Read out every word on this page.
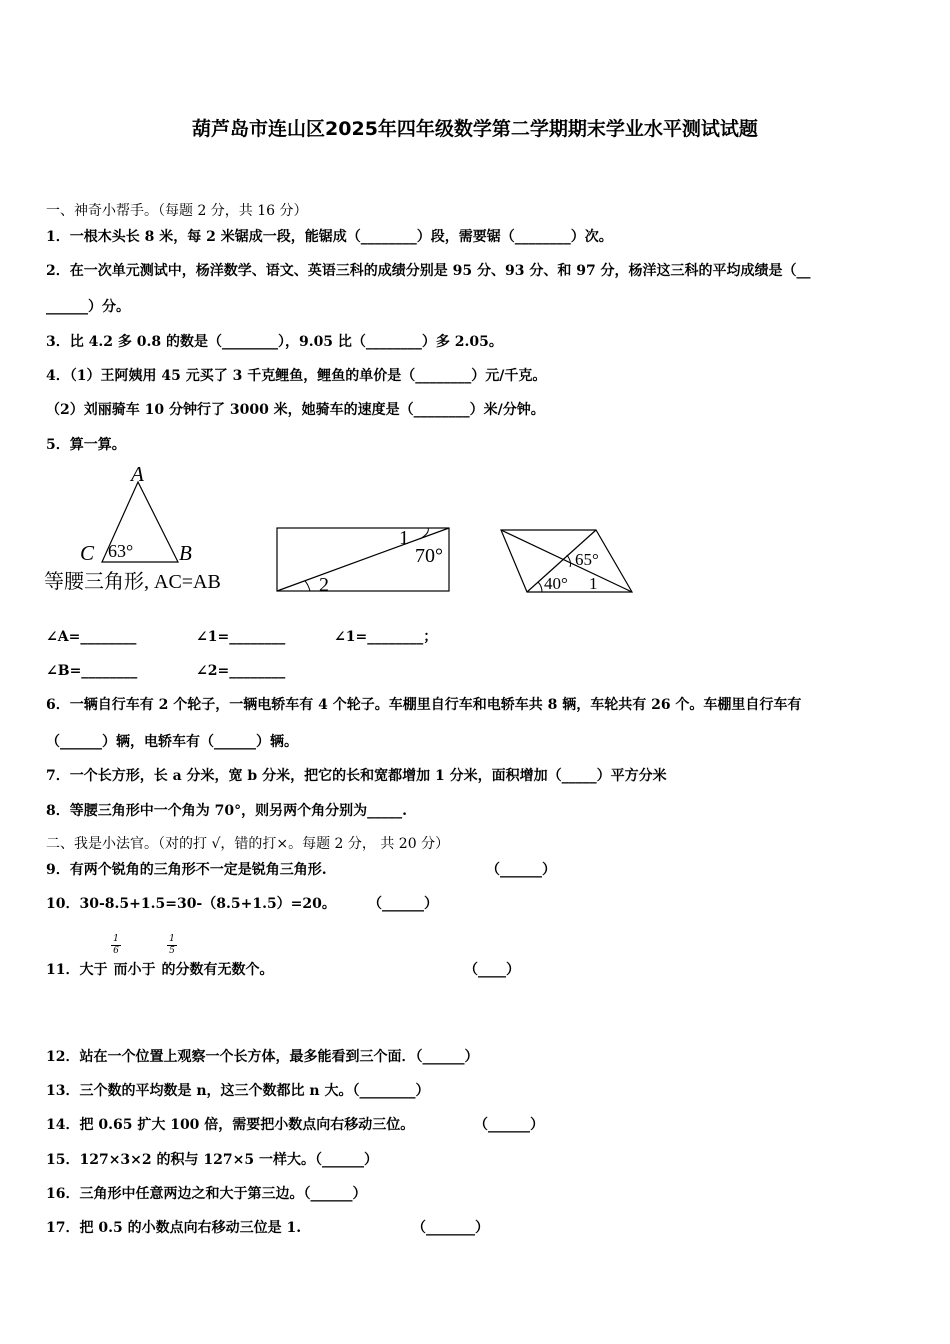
葫芦岛市连山区2025年四年级数学第二学期期末学业水平测试试题
一、神奇小帮手。（每题 2 分，共 16 分）
1．一根木头长 8 米，每 2 米锯成一段，能锯成（________）段，需要锯（________）次。
2．在一次单元测试中，杨洋数学、语文、英语三科的成绩分别是 95 分、93 分、和 97 分，杨洋这三科的平均成绩是（__
______）分。
3．比 4.2 多 0.8 的数是（________），9.05 比（________）多 2.05。
4．（1）王阿姨用 45 元买了 3 千克鲤鱼，鲤鱼的单价是（________）元/千克。
（2）刘丽骑车 10 分钟行了 3000 米，她骑车的速度是（________）米/分钟。
5．算一算。
A
C	B
63°
等腰三角形, AC=AB
1
70°
2
65°
40° 1
∠A=________	∠1=________	∠1=________；
∠B=________	∠2=________
6．一辆自行车有 2 个轮子，一辆电轿车有 4 个轮子。车棚里自行车和电轿车共 8 辆，车轮共有 26 个。车棚里自行车有
（______）辆，电轿车有（______）辆。
7．一个长方形，长 a 分米，宽 b 分米，把它的长和宽都增加 1 分米，面积增加（_____）平方分米
8．等腰三角形中一个角为 70°，则另两个角分别为_____.
二、我是小法官。（对的打 √，错的打×。每题 2 分， 共 20 分）
9．有两个锐角的三角形不一定是锐角三角形.	（______）
10．30-8.5+1.5=30-（8.5+1.5）=20。 （______）
11．大于 而小于 的分数有无数个。
1
6
1
5
（____）
12．站在一个位置上观察一个长方体，最多能看到三个面．（______）
13．三个数的平均数是 n，这三个数都比 n 大。（________）
14．把 0.65 扩大 100 倍，需要把小数点向右移动三位。	（______）
15．127×3×2 的积与 127×5 一样大。（______）
16．三角形中任意两边之和大于第三边。（______）
17．把 0.5 的小数点向右移动三位是 1.	（_______）
